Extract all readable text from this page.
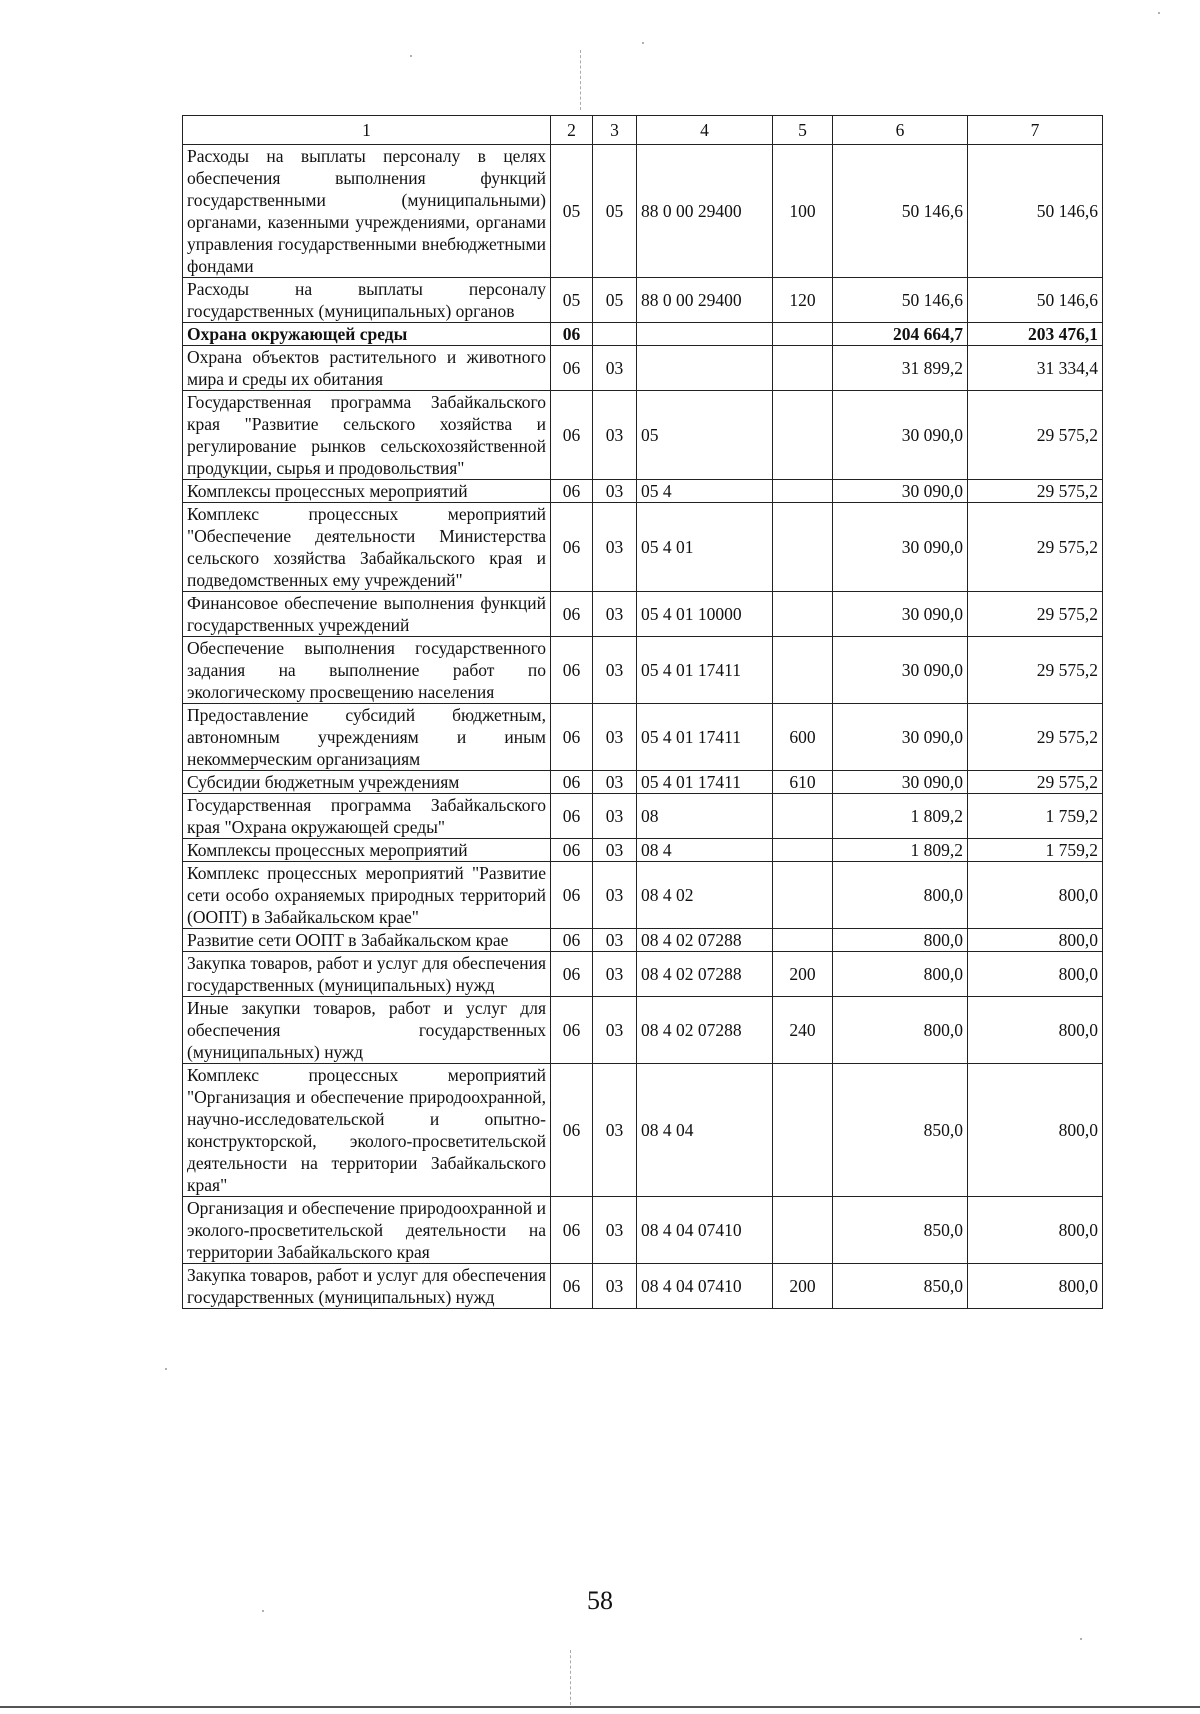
1	2	3	4	5	6	7
Расходы на выплаты персоналу в целях обеспечения выполнения функций государственными (муниципальными) органами, казенными учреждениями, органами управления государственными внебюджетными фондами	05	05	88 0 00 29400	100	50 146,6	50 146,6
Расходы на выплаты персоналу государственных (муниципальных) органов	05	05	88 0 00 29400	120	50 146,6	50 146,6
Охрана окружающей среды	06				204 664,7	203 476,1
Охрана объектов растительного и животного мира и среды их обитания	06	03			31 899,2	31 334,4
Государственная программа Забайкальского края "Развитие сельского хозяйства и регулирование рынков сельскохозяйственной продукции, сырья и продовольствия"	06	03	05		30 090,0	29 575,2
Комплексы процессных мероприятий	06	03	05 4		30 090,0	29 575,2
Комплекс процессных мероприятий "Обеспечение деятельности Министерства сельского хозяйства Забайкальского края и подведомственных ему учреждений"	06	03	05 4 01		30 090,0	29 575,2
Финансовое обеспечение выполнения функций государственных учреждений	06	03	05 4 01 10000		30 090,0	29 575,2
Обеспечение выполнения государственного задания на выполнение работ по экологическому просвещению населения	06	03	05 4 01 17411		30 090,0	29 575,2
Предоставление субсидий бюджетным, автономным учреждениям и иным некоммерческим организациям	06	03	05 4 01 17411	600	30 090,0	29 575,2
Субсидии бюджетным учреждениям	06	03	05 4 01 17411	610	30 090,0	29 575,2
Государственная программа Забайкальского края "Охрана окружающей среды"	06	03	08		1 809,2	1 759,2
Комплексы процессных мероприятий	06	03	08 4		1 809,2	1 759,2
Комплекс процессных мероприятий "Развитие сети особо охраняемых природных территорий (ООПТ) в Забайкальском крае"	06	03	08 4 02		800,0	800,0
Развитие сети ООПТ в Забайкальском крае	06	03	08 4 02 07288		800,0	800,0
Закупка товаров, работ и услуг для обеспечения государственных (муниципальных) нужд	06	03	08 4 02 07288	200	800,0	800,0
Иные закупки товаров, работ и услуг для обеспечения государственных (муниципальных) нужд	06	03	08 4 02 07288	240	800,0	800,0
Комплекс процессных мероприятий "Организация и обеспечение природоохранной, научно-исследовательской и опытно-конструкторской, эколого-просветительской деятельности на территории Забайкальского края"	06	03	08 4 04		850,0	800,0
Организация и обеспечение природоохранной и эколого-просветительской деятельности на территории Забайкальского края	06	03	08 4 04 07410		850,0	800,0
Закупка товаров, работ и услуг для обеспечения государственных (муниципальных) нужд	06	03	08 4 04 07410	200	850,0	800,0
58
